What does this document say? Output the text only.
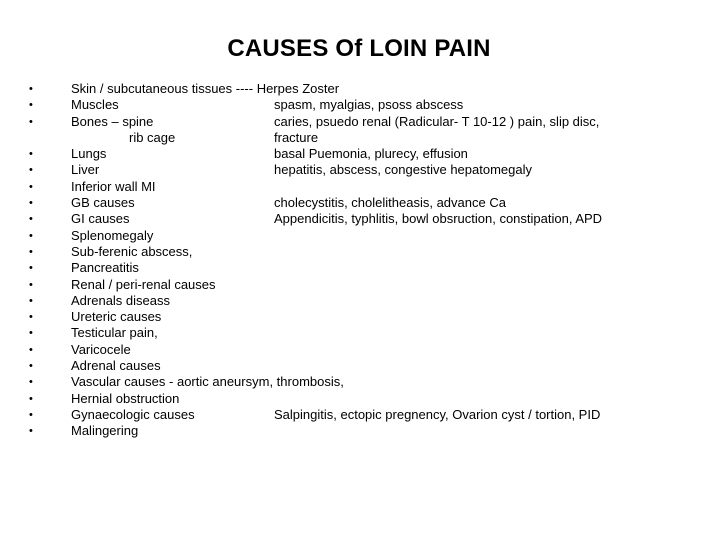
CAUSES Of LOIN PAIN
•	Skin / subcutaneous tissues ---- Herpes Zoster
•	Muscles	spasm, myalgias, psoss abscess
•	Bones – spine	caries, psuedo renal (Radicular- T 10-12 ) pain, slip disc,
rib cage	fracture
•	Lungs	basal Puemonia, plurecy, effusion
•	Liver	hepatitis, abscess, congestive hepatomegaly
•	Inferior wall MI
•	GB causes	cholecystitis, cholelitheasis, advance Ca
•	GI causes	Appendicitis, typhlitis, bowl obsruction, constipation, APD
•	Splenomegaly
•	Sub-ferenic abscess,
•	Pancreatitis
•	Renal / peri-renal causes
•	Adrenals diseass
•	Ureteric causes
•	Testicular pain,
•	Varicocele
•	Adrenal causes
•	Vascular causes - aortic aneursym, thrombosis,
•	Hernial obstruction
•	Gynaecologic causes	Salpingitis, ectopic pregnency, Ovarion cyst / tortion, PID
•	Malingering
